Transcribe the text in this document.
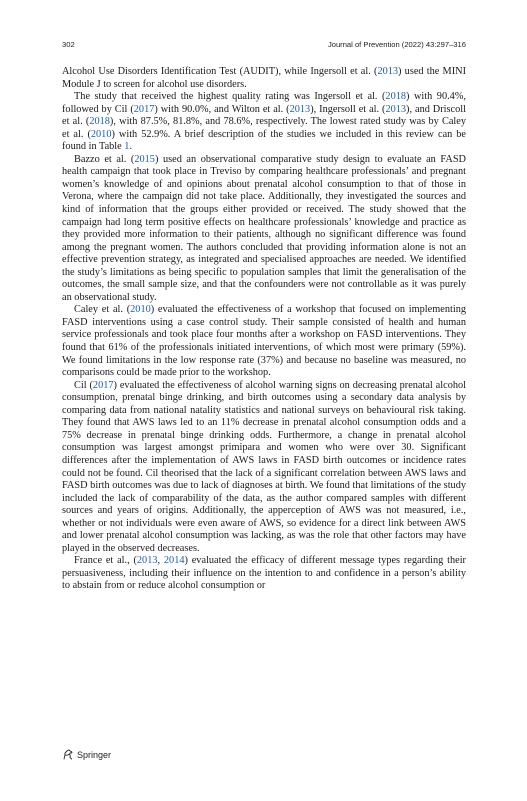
302	Journal of Prevention (2022) 43:297–316

Alcohol Use Disorders Identification Test (AUDIT), while Ingersoll et al. (2013) used the MINI Module J to screen for alcohol use disorders.

The study that received the highest quality rating was Ingersoll et al. (2018) with 90.4%, followed by Cil (2017) with 90.0%, and Wilton et al. (2013), Ingersoll et al. (2013), and Driscoll et al. (2018), with 87.5%, 81.8%, and 78.6%, respectively. The lowest rated study was by Caley et al. (2010) with 52.9%. A brief description of the studies we included in this review can be found in Table 1.

Bazzo et al. (2015) used an observational comparative study design to evaluate an FASD health campaign that took place in Treviso by comparing healthcare professionals’ and pregnant women’s knowledge of and opinions about prenatal alcohol consumption to that of those in Verona, where the campaign did not take place. Additionally, they investigated the sources and kind of information that the groups either provided or received. The study showed that the campaign had long term positive effects on healthcare professionals’ knowledge and practice as they provided more information to their patients, although no significant difference was found among the pregnant women. The authors concluded that providing information alone is not an effective prevention strategy, as integrated and specialised approaches are needed. We identified the study’s limitations as being specific to population samples that limit the generalisation of the outcomes, the small sample size, and that the confounders were not controllable as it was purely an observational study.

Caley et al. (2010) evaluated the effectiveness of a workshop that focused on implementing FASD interventions using a case control study. Their sample consisted of health and human service professionals and took place four months after a workshop on FASD interventions. They found that 61% of the professionals initiated interventions, of which most were primary (59%). We found limitations in the low response rate (37%) and because no baseline was measured, no comparisons could be made prior to the workshop.

Cil (2017) evaluated the effectiveness of alcohol warning signs on decreasing prenatal alcohol consumption, prenatal binge drinking, and birth outcomes using a secondary data analysis by comparing data from national natality statistics and national surveys on behavioural risk taking. They found that AWS laws led to an 11% decrease in prenatal alcohol consumption odds and a 75% decrease in prenatal binge drinking odds. Furthermore, a change in prenatal alcohol consumption was largest amongst primipara and women who were over 30. Significant differences after the implementation of AWS laws in FASD birth outcomes or incidence rates could not be found. Cil theorised that the lack of a significant correlation between AWS laws and FASD birth outcomes was due to lack of diagnoses at birth. We found that limitations of the study included the lack of comparability of the data, as the author compared samples with different sources and years of origins. Additionally, the apperception of AWS was not measured, i.e., whether or not individuals were even aware of AWS, so evidence for a direct link between AWS and lower prenatal alcohol consumption was lacking, as was the role that other factors may have played in the observed decreases.

France et al., (2013, 2014) evaluated the efficacy of different message types regarding their persuasiveness, including their influence on the intention to and confidence in a person’s ability to abstain from or reduce alcohol consumption or

Springer
